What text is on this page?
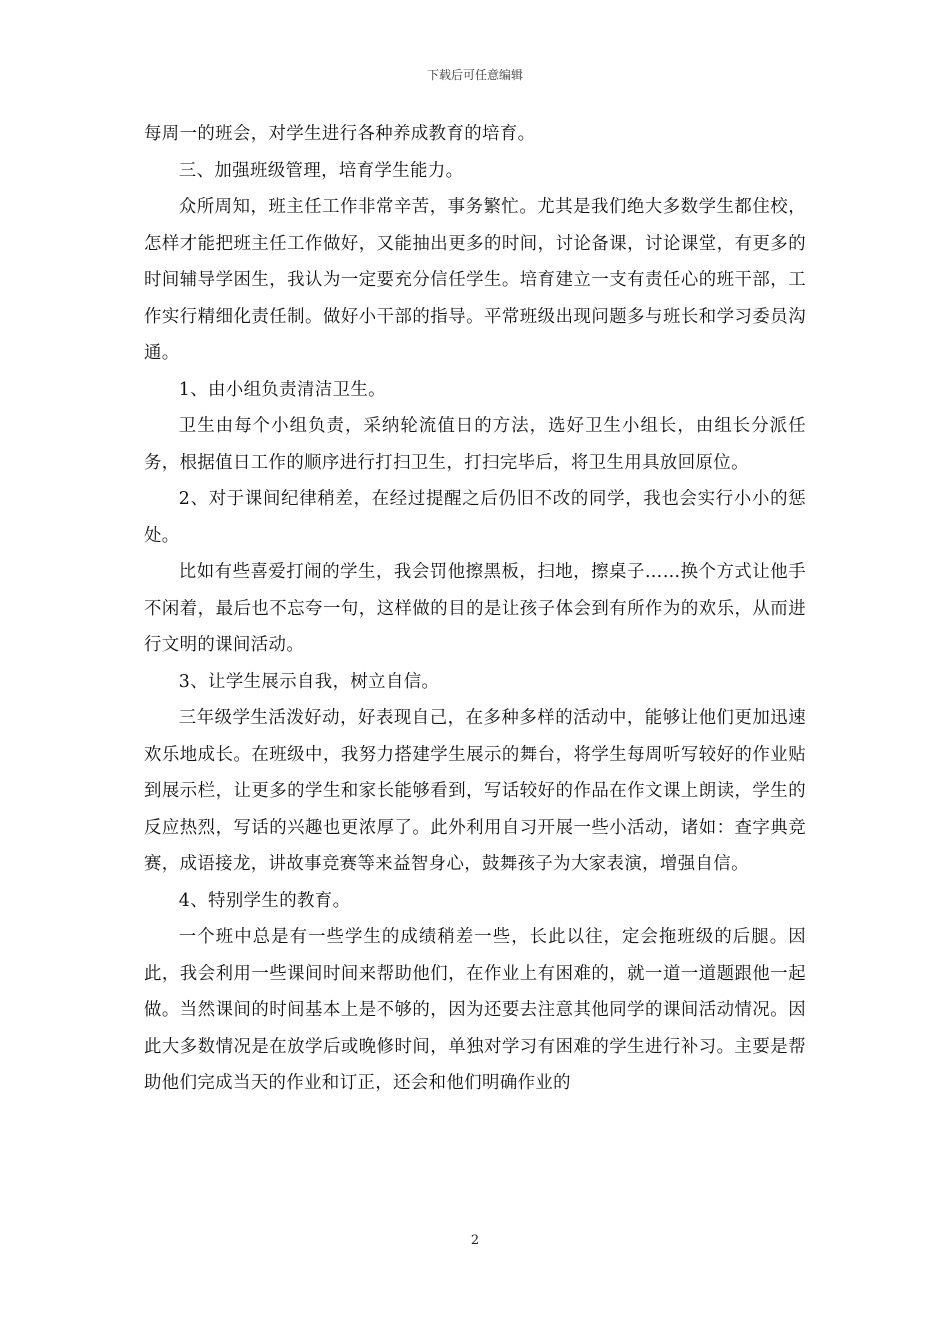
下载后可任意编辑

每周一的班会，对学生进行各种养成教育的培育。

三、加强班级管理，培育学生能力。

众所周知，班主任工作非常辛苦，事务繁忙。尤其是我们绝大多数学生都住校，怎样才能把班主任工作做好，又能抽出更多的时间，讨论备课，讨论课堂，有更多的时间辅导学困生，我认为一定要充分信任学生。培育建立一支有责任心的班干部，工作实行精细化责任制。做好小干部的指导。平常班级出现问题多与班长和学习委员沟通。

1、由小组负责清洁卫生。

卫生由每个小组负责，采纳轮流值日的方法，选好卫生小组长，由组长分派任务，根据值日工作的顺序进行打扫卫生，打扫完毕后，将卫生用具放回原位。

2、对于课间纪律稍差，在经过提醒之后仍旧不改的同学，我也会实行小小的惩处。

比如有些喜爱打闹的学生，我会罚他擦黑板，扫地，擦桌子……换个方式让他手不闲着，最后也不忘夸一句，这样做的目的是让孩子体会到有所作为的欢乐，从而进行文明的课间活动。

3、让学生展示自我，树立自信。

三年级学生活泼好动，好表现自己，在多种多样的活动中，能够让他们更加迅速欢乐地成长。在班级中，我努力搭建学生展示的舞台，将学生每周听写较好的作业贴到展示栏，让更多的学生和家长能够看到，写话较好的作品在作文课上朗读，学生的反应热烈，写话的兴趣也更浓厚了。此外利用自习开展一些小活动，诸如：查字典竞赛，成语接龙，讲故事竞赛等来益智身心，鼓舞孩子为大家表演，增强自信。

4、特别学生的教育。

一个班中总是有一些学生的成绩稍差一些，长此以往，定会拖班级的后腿。因此，我会利用一些课间时间来帮助他们，在作业上有困难的，就一道一道题跟他一起做。当然课间的时间基本上是不够的，因为还要去注意其他同学的课间活动情况。因此大多数情况是在放学后或晚修时间，单独对学习有困难的学生进行补习。主要是帮助他们完成当天的作业和订正，还会和他们明确作业的

2
